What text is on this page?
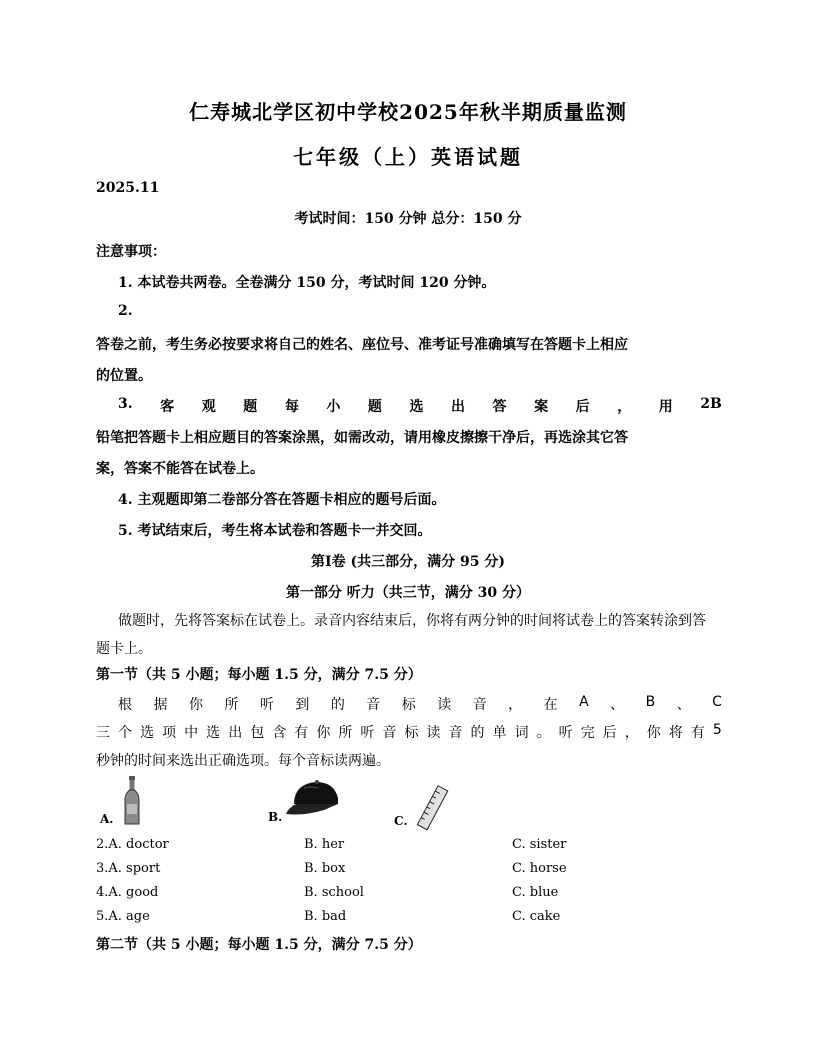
仁寿城北学区初中学校2025年秋半期质量监测
七年级（上）英语试题
2025.11
考试时间：150 分钟 总分：150 分
注意事项：
1. 本试卷共两卷。全卷满分 150 分，考试时间 120 分钟。
2.
答卷之前，考生务必按要求将自己的姓名、座位号、准考证号准确填写在答题卡上相应
的位置。
3. 客 观 题 每 小 题 选 出 答 案 后 ， 用 2B
铅笔把答题卡上相应题目的答案涂黑，如需改动，请用橡皮擦擦干净后，再选涂其它答
案，答案不能答在试卷上。
4. 主观题即第二卷部分答在答题卡相应的题号后面。
5. 考试结束后，考生将本试卷和答题卡一并交回。
第Ⅰ卷 (共三部分，满分 95 分)
第一部分 听力（共三节，满分 30 分）
做题时，先将答案标在试卷上。录音内容结束后，你将有两分钟的时间将试卷上的答案转涂到答
题卡上。
第一节（共 5 小题；每小题 1.5 分，满分 7.5 分）
根 据 你 所 听 到 的 音 标 读 音 ， 在 A 、 B 、 C
三 个 选 项 中 选 出 包 含 有 你 所 听 音 标 读 音 的 单 词 。 听 完 后 ， 你 将 有 5
秒钟的时间来选出正确选项。每个音标读两遍。
A.	B.	C.
2.A. doctor	B. her	C. sister
3.A. sport	B. box	C. horse
4.A. good	B. school	C. blue
5.A. age	B. bad	C. cake
第二节（共 5 小题；每小题 1.5 分，满分 7.5 分）
